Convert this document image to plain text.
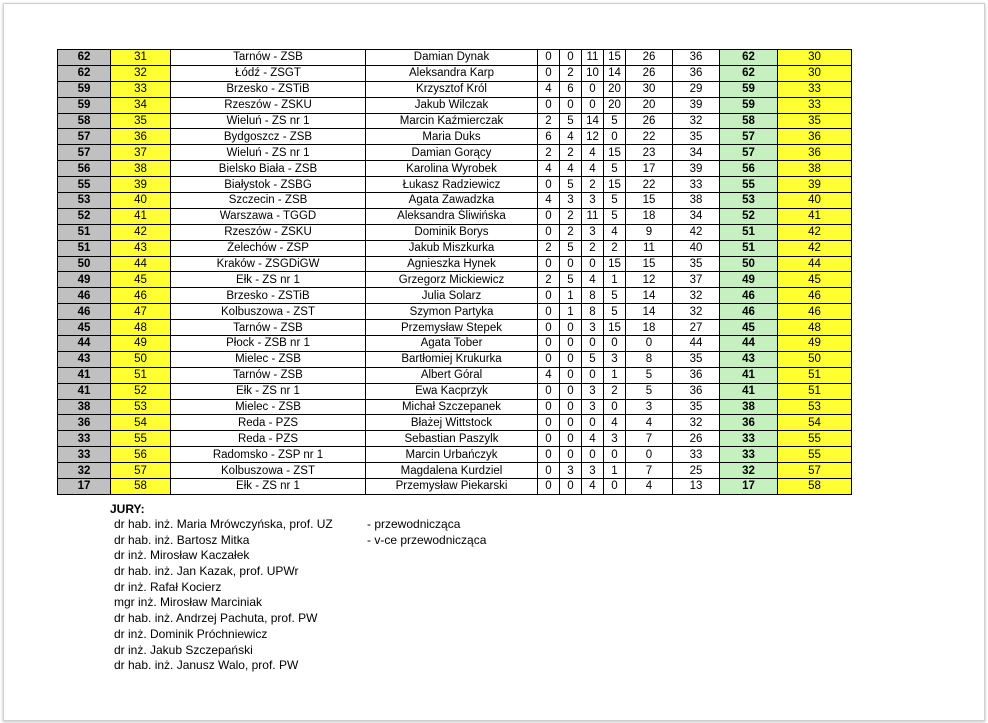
62	31	Tarnów - ZSB	Damian Dynak	0	0	11	15	26	36	62	30
62	32	Łódź - ZSGT	Aleksandra Karp	0	2	10	14	26	36	62	30
59	33	Brzesko - ZSTiB	Krzysztof Król	4	6	0	20	30	29	59	33
59	34	Rzeszów - ZSKU	Jakub Wilczak	0	0	0	20	20	39	59	33
58	35	Wieluń - ZS nr 1	Marcin Kaźmierczak	2	5	14	5	26	32	58	35
57	36	Bydgoszcz - ZSB	Maria Duks	6	4	12	0	22	35	57	36
57	37	Wieluń - ZS nr 1	Damian Gorący	2	2	4	15	23	34	57	36
56	38	Bielsko Biała - ZSB	Karolina Wyrobek	4	4	4	5	17	39	56	38
55	39	Białystok - ZSBG	Łukasz Radziewicz	0	5	2	15	22	33	55	39
53	40	Szczecin - ZSB	Agata Zawadzka	4	3	3	5	15	38	53	40
52	41	Warszawa - TGGD	Aleksandra Śliwińska	0	2	11	5	18	34	52	41
51	42	Rzeszów - ZSKU	Dominik Borys	0	2	3	4	9	42	51	42
51	43	Żelechów - ZSP	Jakub Miszkurka	2	5	2	2	11	40	51	42
50	44	Kraków - ZSGDiGW	Agnieszka Hynek	0	0	0	15	15	35	50	44
49	45	Ełk - ZS nr 1	Grzegorz Mickiewicz	2	5	4	1	12	37	49	45
46	46	Brzesko - ZSTiB	Julia Solarz	0	1	8	5	14	32	46	46
46	47	Kolbuszowa - ZST	Szymon Partyka	0	1	8	5	14	32	46	46
45	48	Tarnów - ZSB	Przemysław Stepek	0	0	3	15	18	27	45	48
44	49	Płock - ZSB nr 1	Agata Tober	0	0	0	0	0	44	44	49
43	50	Mielec - ZSB	Bartłomiej Krukurka	0	0	5	3	8	35	43	50
41	51	Tarnów - ZSB	Albert Góral	4	0	0	1	5	36	41	51
41	52	Ełk - ZS nr 1	Ewa Kacprzyk	0	0	3	2	5	36	41	51
38	53	Mielec - ZSB	Michał Szczepanek	0	0	3	0	3	35	38	53
36	54	Reda - PZS	Błażej Wittstock	0	0	0	4	4	32	36	54
33	55	Reda - PZS	Sebastian Paszylk	0	0	4	3	7	26	33	55
33	56	Radomsko - ZSP nr 1	Marcin Urbańczyk	0	0	0	0	0	33	33	55
32	57	Kolbuszowa - ZST	Magdalena Kurdziel	0	3	3	1	7	25	32	57
17	58	Ełk - ZS nr 1	Przemysław Piekarski	0	0	4	0	4	13	17	58
JURY:
dr hab. inż. Maria Mrówczyńska, prof. UZ	- przewodnicząca
dr hab. inż. Bartosz Mitka	- v-ce przewodnicząca
dr inż. Mirosław Kaczałek
dr hab. inż. Jan Kazak, prof. UPWr
dr inż. Rafał Kocierz
mgr inż. Mirosław Marciniak
dr hab. inż. Andrzej Pachuta, prof. PW
dr inż. Dominik Próchniewicz
dr inż. Jakub Szczepański
dr hab. inż. Janusz Walo, prof. PW
